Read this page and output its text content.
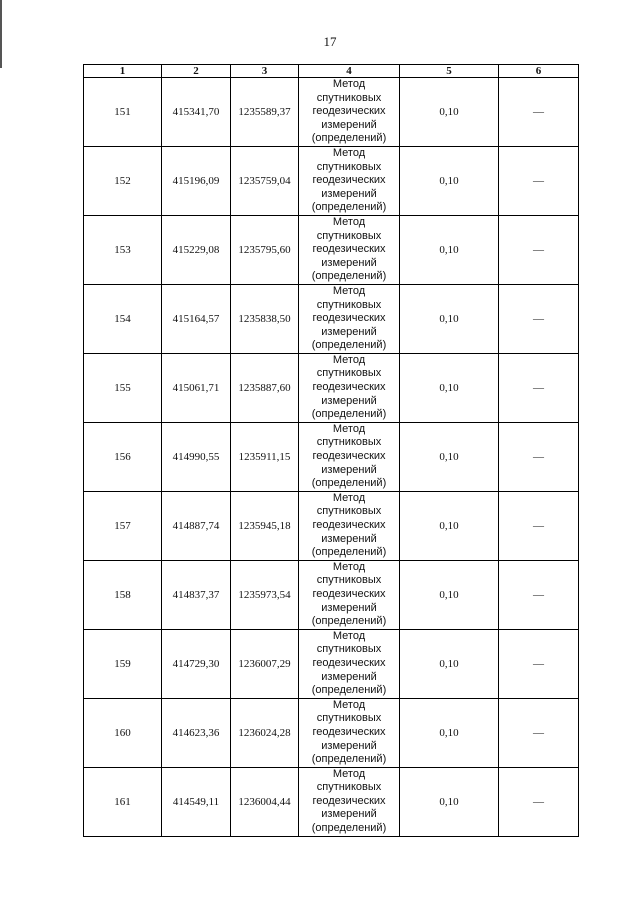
17
1	2	3	4	5	6
151	415341,70	1235589,37	Метод
спутниковых
геодезических
измерений
(определений)	0,10	—
152	415196,09	1235759,04	Метод
спутниковых
геодезических
измерений
(определений)	0,10	—
153	415229,08	1235795,60	Метод
спутниковых
геодезических
измерений
(определений)	0,10	—
154	415164,57	1235838,50	Метод
спутниковых
геодезических
измерений
(определений)	0,10	—
155	415061,71	1235887,60	Метод
спутниковых
геодезических
измерений
(определений)	0,10	—
156	414990,55	1235911,15	Метод
спутниковых
геодезических
измерений
(определений)	0,10	—
157	414887,74	1235945,18	Метод
спутниковых
геодезических
измерений
(определений)	0,10	—
158	414837,37	1235973,54	Метод
спутниковых
геодезических
измерений
(определений)	0,10	—
159	414729,30	1236007,29	Метод
спутниковых
геодезических
измерений
(определений)	0,10	—
160	414623,36	1236024,28	Метод
спутниковых
геодезических
измерений
(определений)	0,10	—
161	414549,11	1236004,44	Метод
спутниковых
геодезических
измерений
(определений)	0,10	—
